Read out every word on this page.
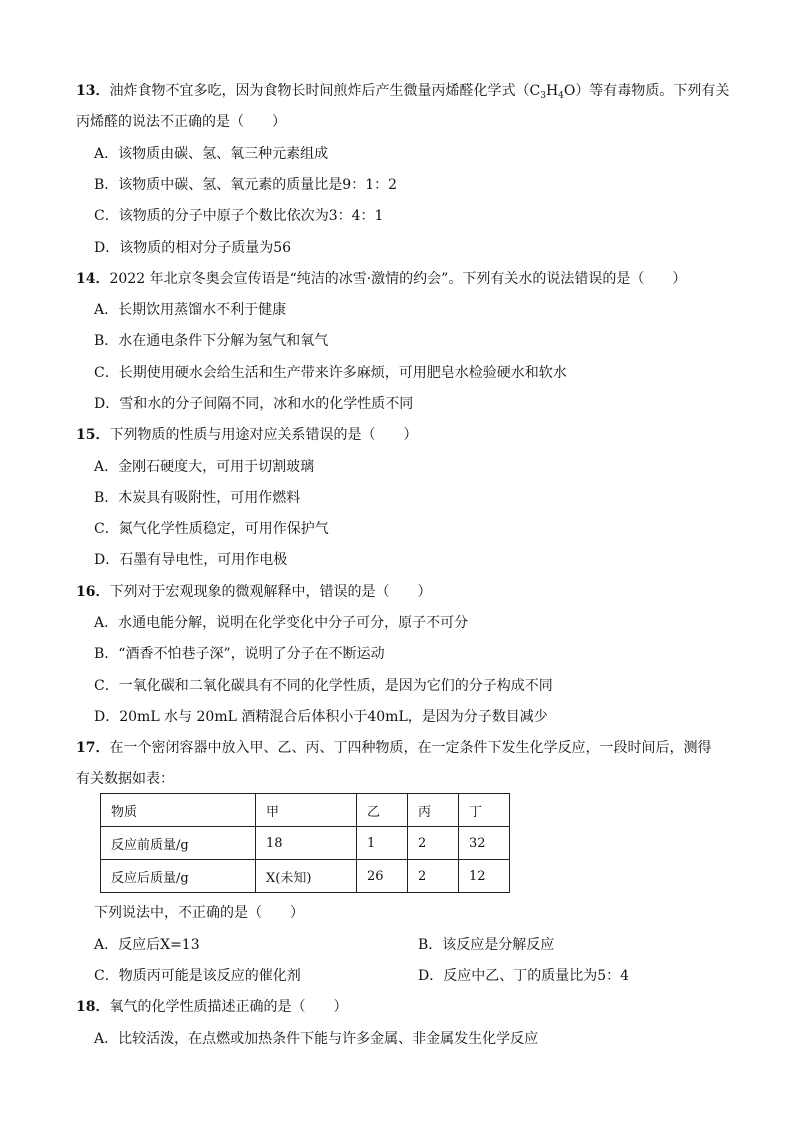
13．油炸食物不宜多吃，因为食物长时间煎炸后产生微量丙烯醛化学式$(C_3H_4O)$等有毒物质。下列有关
丙烯醛的说法不正确的是（　　）
A．该物质由碳、氢、氧三种元素组成
B．该物质中碳、氢、氧元素的质量比是9：1：2
C．该物质的分子中原子个数比依次为3：4：1
D．该物质的相对分子质量为56
14．2022 年北京冬奥会宣传语是“纯洁的冰雪·激情的约会”。下列有关水的说法错误的是（　　）
A．长期饮用蒸馏水不利于健康
B．水在通电条件下分解为氢气和氧气
C．长期使用硬水会给生活和生产带来许多麻烦，可用肥皂水检验硬水和软水
D．雪和水的分子间隔不同，冰和水的化学性质不同
15．下列物质的性质与用途对应关系错误的是（　　）
A．金刚石硬度大，可用于切割玻璃
B．木炭具有吸附性，可用作燃料
C．氮气化学性质稳定，可用作保护气
D．石墨有导电性，可用作电极
16．下列对于宏观现象的微观解释中，错误的是（　　）
A．水通电能分解，说明在化学变化中分子可分，原子不可分
B．“酒香不怕巷子深”，说明了分子在不断运动
C．一氧化碳和二氧化碳具有不同的化学性质，是因为它们的分子构成不同
D．20mL 水与 20mL 酒精混合后体积小于40mL，是因为分子数目减少
17．在一个密闭容器中放入甲、乙、丙、丁四种物质，在一定条件下发生化学反应，一段时间后，测得
有关数据如表：
物质	甲	乙	丙	丁
反应前质量/g	18	1	2	32
反应后质量/g	X(未知)	26	2	12
下列说法中，不正确的是（　　）
A．反应后X=13	B．该反应是分解反应
C．物质丙可能是该反应的催化剂	D．反应中乙、丁的质量比为5：4
18．氧气的化学性质描述正确的是（　　）
A．比较活泼，在点燃或加热条件下能与许多金属、非金属发生化学反应
